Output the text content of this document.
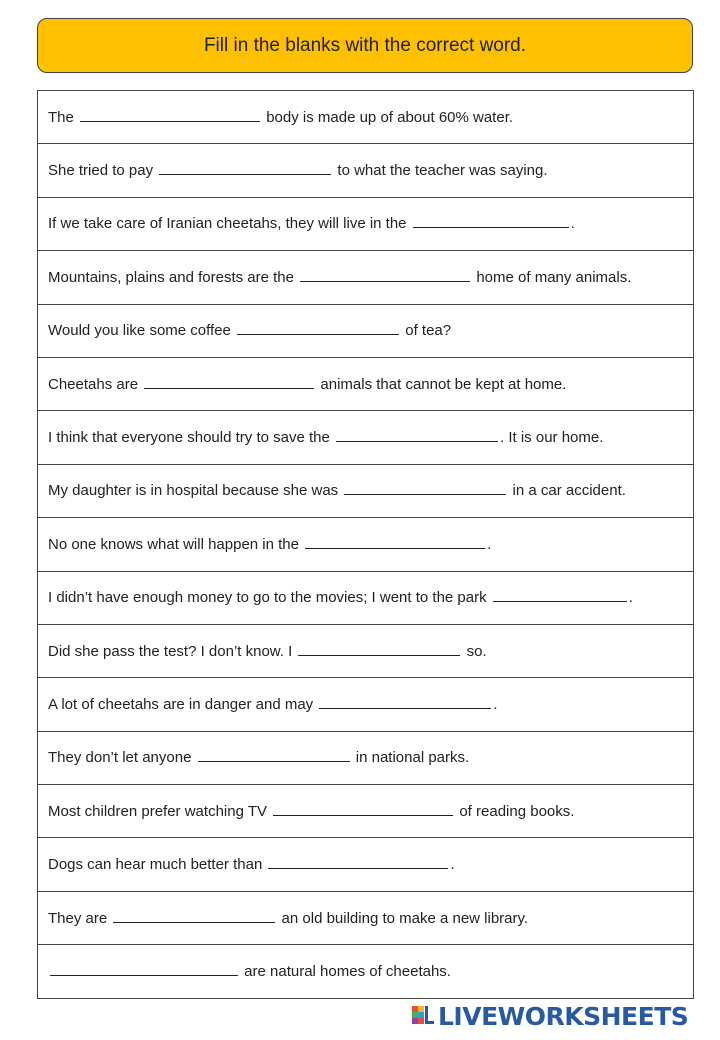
Fill in the blanks with the correct word.
The	body is made up of about 60% water.
She tried to pay	to what the teacher was saying.
If we take care of Iranian cheetahs, they will live in the	.
Mountains, plains and forests are the	home of many animals.
Would you like some coffee	of tea?
Cheetahs are	animals that cannot be kept at home.
I think that everyone should try to save the	. It is our home.
My daughter is in hospital because she was	in a car accident.
No one knows what will happen in the	.
I didn’t have enough money to go to the movies; I went to the park	.
Did she pass the test? I don’t know. I	so.
A lot of cheetahs are in danger and may	.
They don’t let anyone	in national parks.
Most children prefer watching TV	of reading books.
Dogs can hear much better than	.
They are	an old building to make a new library.
are natural homes of cheetahs.
LIVEWORKSHEETS
